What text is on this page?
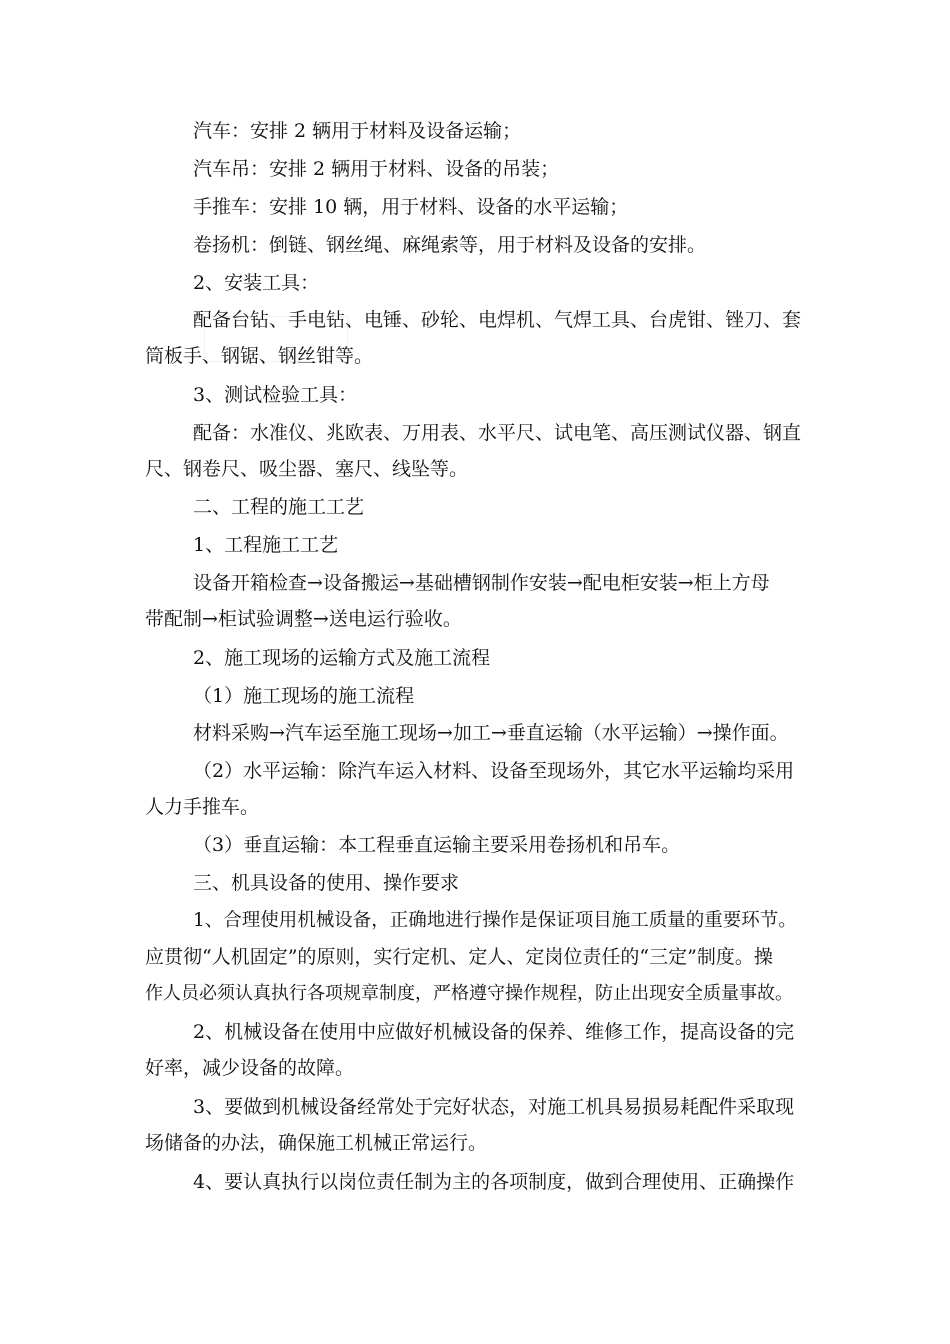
汽车：安排 2 辆用于材料及设备运输；
汽车吊：安排 2 辆用于材料、设备的吊装；
手推车：安排 10 辆，用于材料、设备的水平运输；
卷扬机：倒链、钢丝绳、麻绳索等，用于材料及设备的安排。
2、安装工具：
配备台钻、手电钻、电锤、砂轮、电焊机、气焊工具、台虎钳、锉刀、套
筒板手、钢锯、钢丝钳等。
3、测试检验工具：
配备：水准仪、兆欧表、万用表、水平尺、试电笔、高压测试仪器、钢直
尺、钢卷尺、吸尘器、塞尺、线坠等。
二、工程的施工工艺
1、工程施工工艺
设备开箱检查→设备搬运→基础槽钢制作安装→配电柜安装→柜上方母
带配制→柜试验调整→送电运行验收。
2、施工现场的运输方式及施工流程
（1）施工现场的施工流程
材料采购→汽车运至施工现场→加工→垂直运输（水平运输）→操作面。
（2）水平运输：除汽车运入材料、设备至现场外，其它水平运输均采用
人力手推车。
（3）垂直运输：本工程垂直运输主要采用卷扬机和吊车。
三、机具设备的使用、操作要求
1、合理使用机械设备，正确地进行操作是保证项目施工质量的重要环节。
应贯彻“人机固定”的原则，实行定机、定人、定岗位责任的“三定”制度。操
作人员必须认真执行各项规章制度，严格遵守操作规程，防止出现安全质量事故。
2、机械设备在使用中应做好机械设备的保养、维修工作，提高设备的完
好率，减少设备的故障。
3、要做到机械设备经常处于完好状态，对施工机具易损易耗配件采取现
场储备的办法，确保施工机械正常运行。
4、要认真执行以岗位责任制为主的各项制度，做到合理使用、正确操作
